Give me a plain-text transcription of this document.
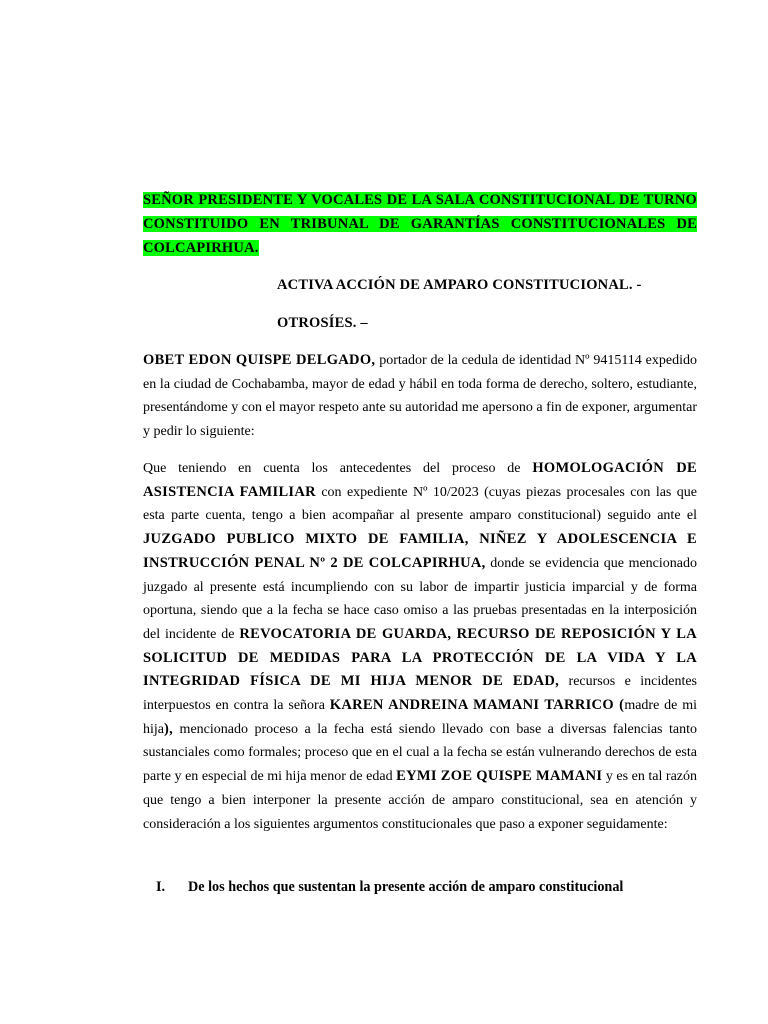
SEÑOR PRESIDENTE Y VOCALES DE LA SALA CONSTITUCIONAL DE TURNO CONSTITUIDO EN TRIBUNAL DE GARANTÍAS CONSTITUCIONALES DE COLCAPIRHUA.
ACTIVA ACCIÓN DE AMPARO CONSTITUCIONAL. -
OTROSÍES. –
OBET EDON QUISPE DELGADO, portador de la cedula de identidad Nº 9415114 expedido en la ciudad de Cochabamba, mayor de edad y hábil en toda forma de derecho, soltero, estudiante, presentándome y con el mayor respeto ante su autoridad me apersono a fin de exponer, argumentar y pedir lo siguiente:
Que teniendo en cuenta los antecedentes del proceso de HOMOLOGACIÓN DE ASISTENCIA FAMILIAR con expediente Nº 10/2023 (cuyas piezas procesales con las que esta parte cuenta, tengo a bien acompañar al presente amparo constitucional) seguido ante el JUZGADO PUBLICO MIXTO DE FAMILIA, NIÑEZ Y ADOLESCENCIA E INSTRUCCIÓN PENAL Nº 2 DE COLCAPIRHUA, donde se evidencia que mencionado juzgado al presente está incumpliendo con su labor de impartir justicia imparcial y de forma oportuna, siendo que a la fecha se hace caso omiso a las pruebas presentadas en la interposición del incidente de REVOCATORIA DE GUARDA, RECURSO DE REPOSICIÓN Y LA SOLICITUD DE MEDIDAS PARA LA PROTECCIÓN DE LA VIDA Y LA INTEGRIDAD FÍSICA DE MI HIJA MENOR DE EDAD, recursos e incidentes interpuestos en contra la señora KAREN ANDREINA MAMANI TARRICO (madre de mi hija), mencionado proceso a la fecha está siendo llevado con base a diversas falencias tanto sustanciales como formales; proceso que en el cual a la fecha se están vulnerando derechos de esta parte y en especial de mi hija menor de edad EYMI ZOE QUISPE MAMANI y es en tal razón que tengo a bien interponer la presente acción de amparo constitucional, sea en atención y consideración a los siguientes argumentos constitucionales que paso a exponer seguidamente:
I. De los hechos que sustentan la presente acción de amparo constitucional
